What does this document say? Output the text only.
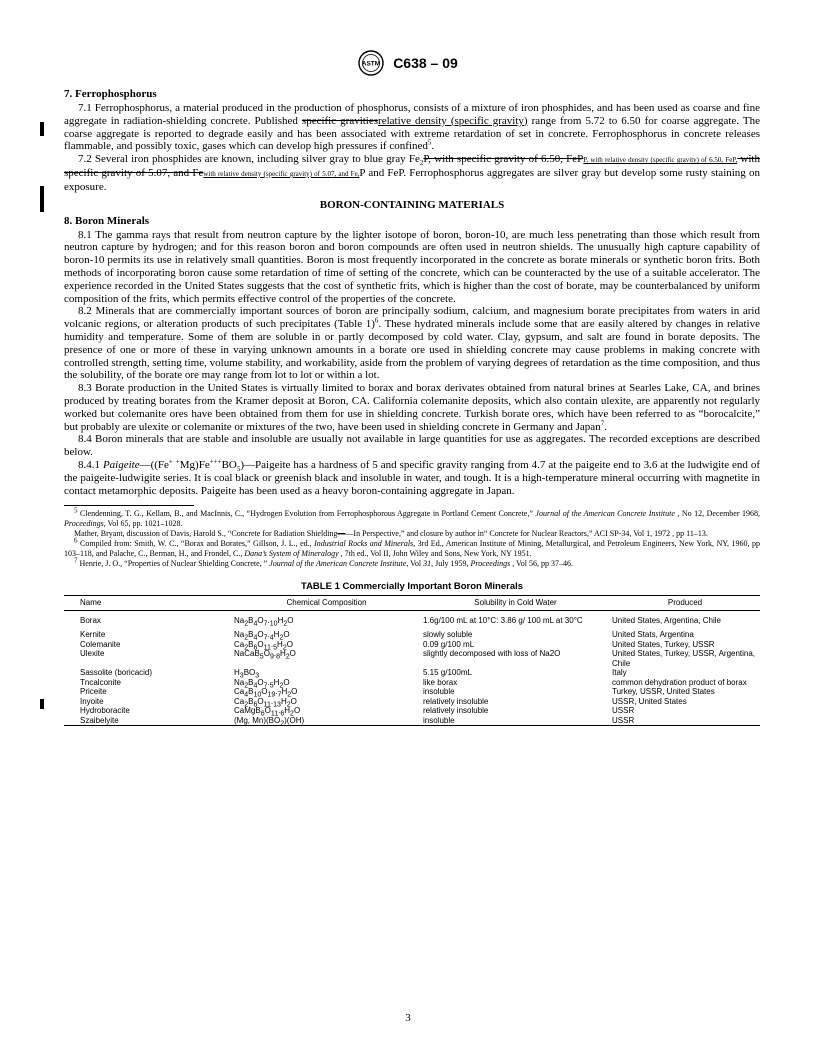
ASTM C638 – 09
7. Ferrophosphorus

7.1 Ferrophosphorus, a material produced in the production of phosphorus, consists of a mixture of iron phosphides, and has been used as coarse and fine aggregate in radiation-shielding concrete. Published specific gravitiesrelative density (specific gravity) range from 5.72 to 6.50 for coarse aggregate. The coarse aggregate is reported to degrade easily and has been associated with extreme retardation of set in concrete. Ferrophosphorus in concrete releases flammable, and possibly toxic, gases which can develop high pressures if confined$^5$.

7.2 Several iron phosphides are known, including silver gray to blue gray $Fe_2P$, with specific gravity of 6.50, FePP, with relative density (specific gravity) of 6.50, FeP, with specific gravity of 5.07, and Fewith relative density (specific gravity) of 5.07, and Fe,P and FeP. Ferrophosphorus aggregates are silver gray but develop some rusty staining on exposure.

BORON-CONTAINING MATERIALS
8. Boron Minerals

8.1 The gamma rays that result from neutron capture by the lighter isotope of boron, boron-10, are much less penetrating than those which result from neutron capture by hydrogen; and for this reason boron and boron compounds are often used in neutron shields. The unusually high capture capability of boron-10 permits its use in relatively small quantities. Boron is most frequently incorporated in the concrete as borate minerals or synthetic boron frits. Both methods of incorporating boron cause some retardation of time of setting of the concrete, which can be counteracted by the use of a suitable accelerator. The experience recorded in the United States suggests that the cost of synthetic frits, which is higher than the cost of borate, may be counterbalanced by uniform composition of the frits, which permits effective control of the properties of the concrete.

8.2 Minerals that are commercially important sources of boron are principally sodium, calcium, and magnesium borate precipitates from waters in arid volcanic regions, or alteration products of such precipitates (Table 1)$^6$. These hydrated minerals include some that are easily altered by changes in relative humidity and temperature. Some of them are soluble in or partly decomposed by cold water. Clay, gypsum, and salt are found in borate deposits. The presence of one or more of these in varying unknown amounts in a borate ore used in shielding concrete may cause problems in making concrete with controlled strength, setting time, volume stability, and workability, aside from the problem of varying degrees of retardation as the time composition, and thus the solubility, of the borate ore may range from lot to lot or within a lot.

8.3 Borate production in the United States is virtually limited to borax and borax derivates obtained from natural brines at Searles Lake, CA, and brines produced by treating borates from the Kramer deposit at Boron, CA. California colemanite deposits, which also contain ulexite, are apparently not regularly worked but colemanite ores have been obtained from them for use in shielding concrete. Turkish borate ores, which have been referred to as “borocalcite,” but probably are ulexite or colemanite or mixtures of the two, have been used in shielding concrete in Germany and Japan$^7$.

8.4 Boron minerals that are stable and insoluble are usually not available in large quantities for use as aggregates. The recorded exceptions are described below.

8.4.1 Paigeite—((Fe+ $^+Mg)Fe^{+++}BO_5)—Paigeite$ has a hardness of 5 and specific gravity ranging from 4.7 at the paigeite end to 3.6 at the ludwigite end of the paigeite-ludwigite series. It is coal black or greenish black and insoluble in water, and tough. It is a high-temperature mineral occurring with magnetite in contact metamorphic deposits. Paigeite has been used as a heavy boron-containing aggregate in Japan.

5 Clendenning, T. G., Kellam, B., and MacInnis, C., “Hydrogen Evolution from Ferrophosphorous Aggregate in Portland Cement Concrete,” Journal of the American Concrete Institute , No 12, December 1968, Proceedings, Vol 65, pp. 1021–1028.

Mather, Bryant, discussion of Davis, Harold S., “Concrete for Radiation Shielding——In Perspective,” and closure by author in“ Concrete for Nuclear Reactors,” ACI SP-34, Vol 1, 1972 , pp 11–13.

6 Compiled from: Smith, W. C., “Borax and Borates,” Gillson, J. L., ed., Industrial Rocks and Minerals, 3rd Ed., American Institute of Mining, Metallurgical, and Petroleum Engineers, New York, NY, 1960, pp 103–118, and Palache, C., Berman, H., and Frondel, C., Dana’s System of Mineralogy , 7th ed., Vol II, John Wiley and Sons, New York, NY 1951.

7 Henrie, J. O., “Properties of Nuclear Shielding Concrete, ” Journal of the American Concrete Institute, Vol 31, July 1959, Proceedings , Vol 56, pp 37–46.

TABLE 1 Commercially Important Boron Minerals
Name	Chemical Composition	Solubility in Cold Water	Produced
Borax	Na2B4O7.10H2O	1.6g/100 mL at 10°C: 3.86 g/ 100 mL at 30°C	United States, Argentina, Chile
Kernite	Na2B4O7.4H2O	slowly soluble	United Stats, Argentina
Colemanite	Ca2B6O11.5H2O	0.09 g/100 mL	United States, Turkey, USSR
Ulexite	NaCaB5O9.8H2O	slightly decomposed with loss of Na2O	United States, Turkey, USSR, Argentina, Chile
Sassolite (boricacid)	H3BO3	5.15 g/100mL	Italy
Tncalconite	Na2B4O7.5H2O	like borax	common dehydration product of borax
Priceite	Ca4B10O19.7H2O	insoluble	Turkey, USSR, United States
Inyoite	Ca2B6O11.13H2O	relatively insoluble	USSR, United States
Hydroboracite	CaMgB6O11.6H2O	relatively insoluble	USSR
Szaibelyite	(Mg, Mn)(BO2)(OH)	insoluble	USSR
3
